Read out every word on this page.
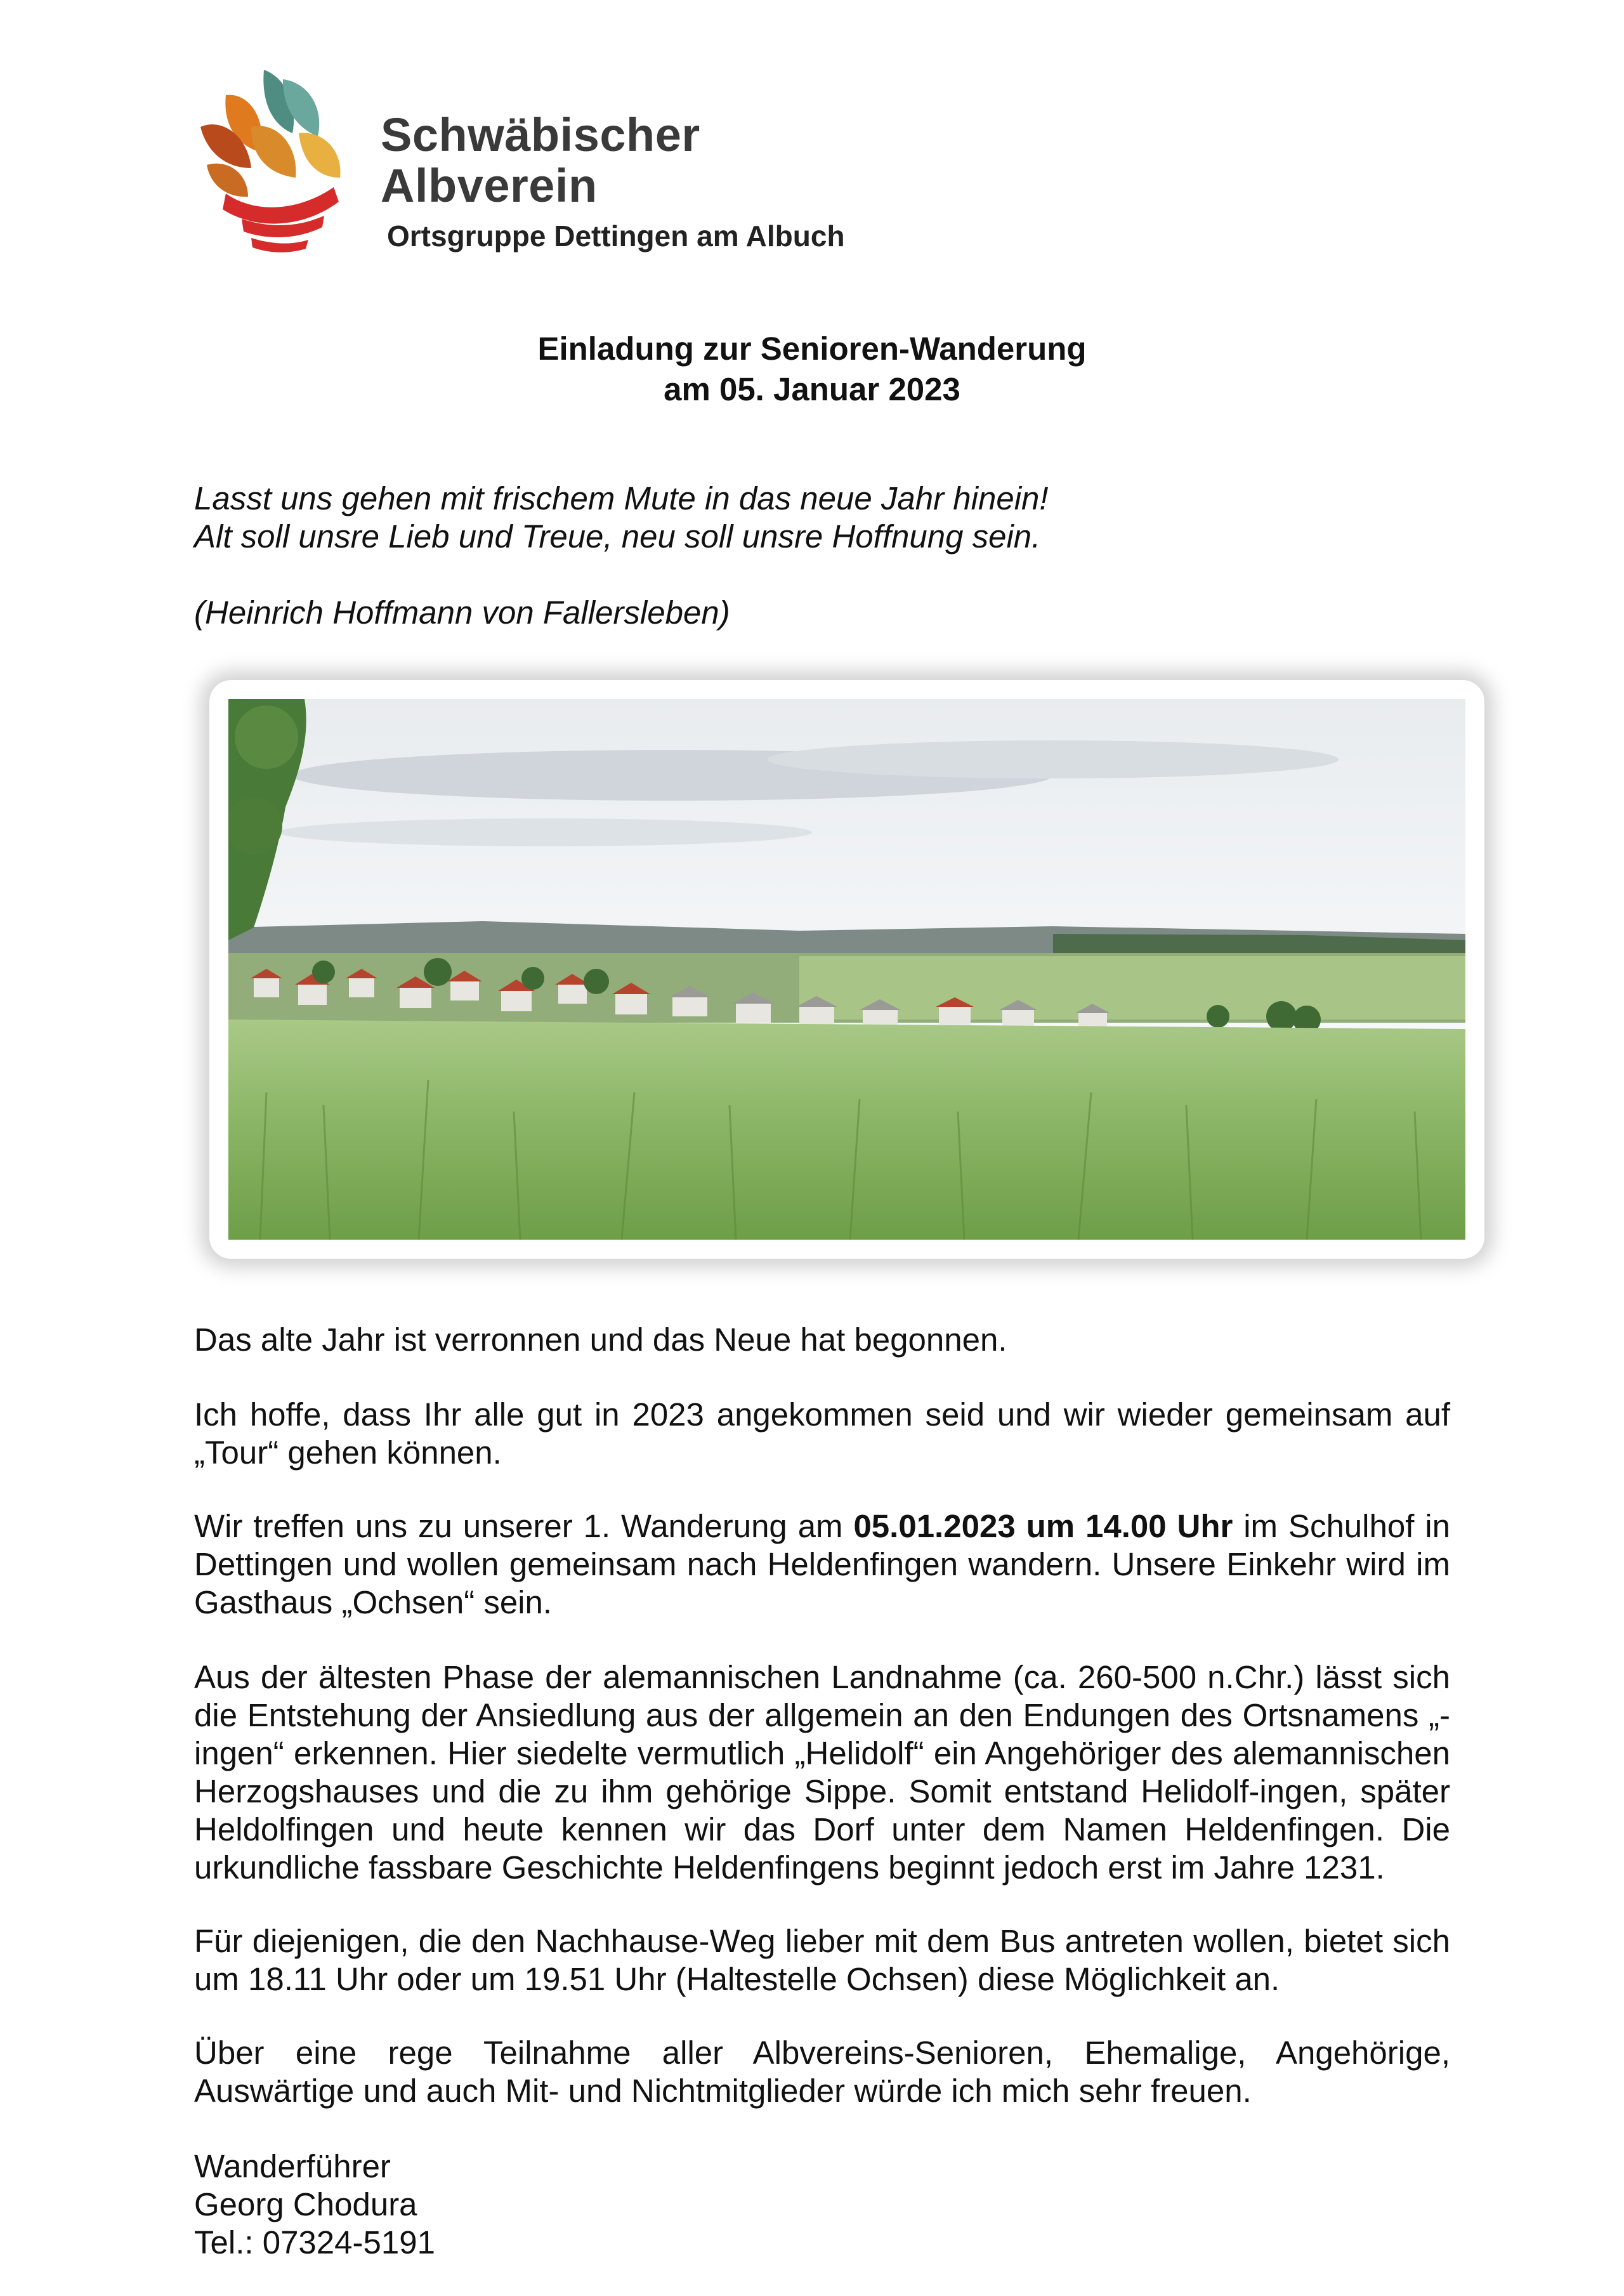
Schwäbischer
Albverein
Ortsgruppe Dettingen am Albuch
Einladung zur Senioren-Wanderung
am 05. Januar 2023
Lasst uns gehen mit frischem Mute in das neue Jahr hinein!
Alt soll unsre Lieb und Treue, neu soll unsre Hoffnung sein.
(Heinrich Hoffmann von Fallersleben)
Das alte Jahr ist verronnen und das Neue hat begonnen.
Ich hoffe, dass Ihr alle gut in 2023 angekommen seid und wir wieder gemeinsam auf „Tour“ gehen können.
Wir treffen uns zu unserer 1. Wanderung am 05.01.2023 um 14.00 Uhr im Schulhof in Dettingen und wollen gemeinsam nach Heldenfingen wandern. Unsere Einkehr wird im Gasthaus „Ochsen“ sein.
Aus der ältesten Phase der alemannischen Landnahme (ca. 260-500 n.Chr.) lässt sich die Entstehung der Ansiedlung aus der allgemein an den Endungen des Ortsnamens „-ingen“ erkennen. Hier siedelte vermutlich „Helidolf“ ein Angehöriger des alemannischen Herzogshauses und die zu ihm gehörige Sippe. Somit entstand Helidolf-ingen, später Heldolfingen und heute kennen wir das Dorf unter dem Namen Heldenfingen. Die urkundliche fassbare Geschichte Heldenfingens beginnt jedoch erst im Jahre 1231.
Für diejenigen, die den Nachhause-Weg lieber mit dem Bus antreten wollen, bietet sich um 18.11 Uhr oder um 19.51 Uhr (Haltestelle Ochsen) diese Möglichkeit an.
Über eine rege Teilnahme aller Albvereins-Senioren, Ehemalige, Angehörige, Auswärtige und auch Mit- und Nichtmitglieder würde ich mich sehr freuen.
Wanderführer
Georg Chodura
Tel.: 07324-5191
